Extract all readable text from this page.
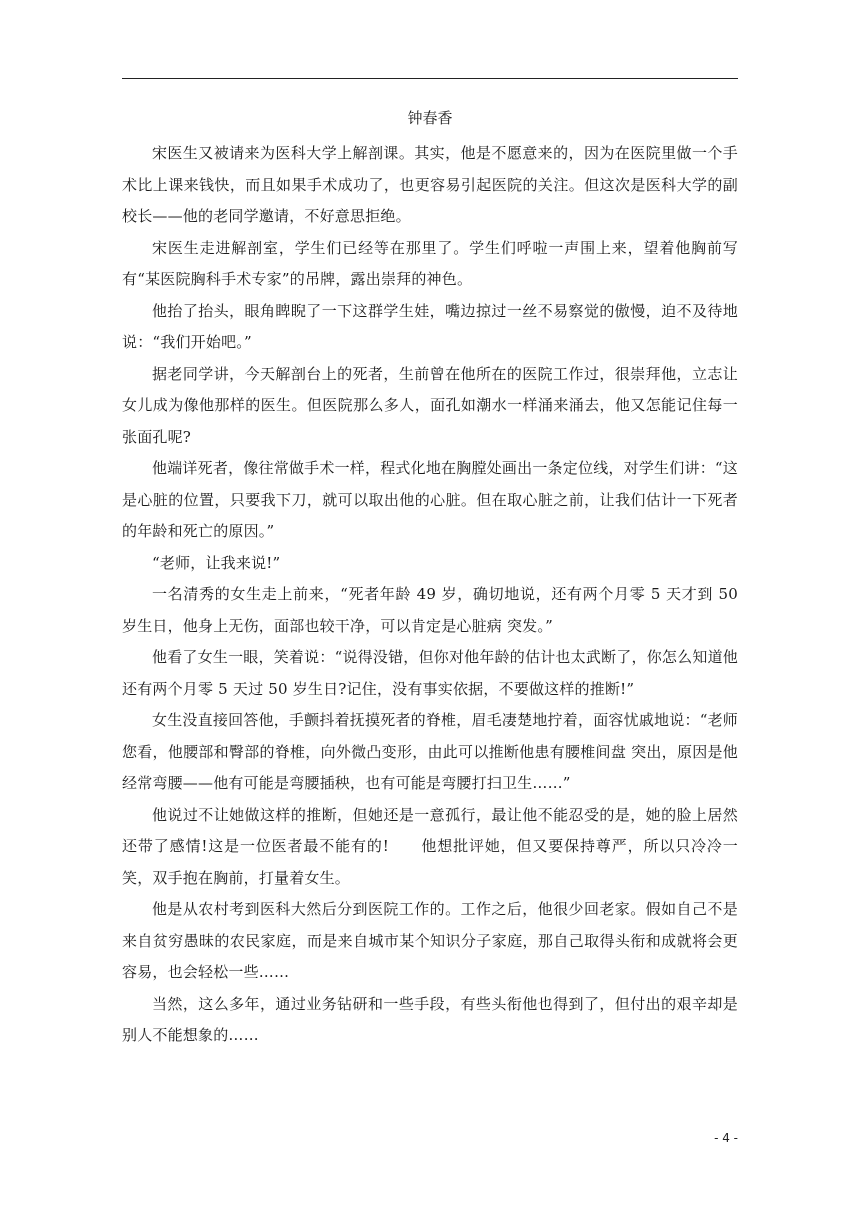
钟春香

宋医生又被请来为医科大学上解剖课。其实，他是不愿意来的，因为在医院里做一个手术比上课来钱快，而且如果手术成功了，也更容易引起医院的关注。但这次是医科大学的副校长——他的老同学邀请，不好意思拒绝。

宋医生走进解剖室，学生们已经等在那里了。学生们呼啦一声围上来，望着他胸前写有“某医院胸科手术专家”的吊牌，露出崇拜的神色。

他抬了抬头，眼角睥睨了一下这群学生娃，嘴边掠过一丝不易察觉的傲慢，迫不及待地说：“我们开始吧。”

据老同学讲，今天解剖台上的死者，生前曾在他所在的医院工作过，很崇拜他，立志让女儿成为像他那样的医生。但医院那么多人，面孔如潮水一样涌来涌去，他又怎能记住每一张面孔呢?

他端详死者，像往常做手术一样，程式化地在胸膛处画出一条定位线，对学生们讲：“这是心脏的位置，只要我下刀，就可以取出他的心脏。但在取心脏之前，让我们估计一下死者的年龄和死亡的原因。”

“老师，让我来说!”

一名清秀的女生走上前来，“死者年龄 49 岁，确切地说，还有两个月零 5 天才到 50 岁生日，他身上无伤，面部也较干净，可以肯定是心脏病 突发。”

他看了女生一眼，笑着说：“说得没错，但你对他年龄的估计也太武断了，你怎么知道他还有两个月零 5 天过 50 岁生日?记住，没有事实依据，不要做这样的推断!”

女生没直接回答他，手颤抖着抚摸死者的脊椎，眉毛凄楚地拧着，面容忧戚地说：“老师您看，他腰部和臀部的脊椎，向外微凸变形，由此可以推断他患有腰椎间盘 突出，原因是他经常弯腰——他有可能是弯腰插秧，也有可能是弯腰打扫卫生……”

他说过不让她做这样的推断，但她还是一意孤行，最让他不能忍受的是，她的脸上居然还带了感情!这是一位医者最不能有的!　　他想批评她，但又要保持尊严，所以只冷冷一笑，双手抱在胸前，打量着女生。

他是从农村考到医科大然后分到医院工作的。工作之后，他很少回老家。假如自己不是来自贫穷愚昧的农民家庭，而是来自城市某个知识分子家庭，那自己取得头衔和成就将会更容易，也会轻松一些……

当然，这么多年，通过业务钻研和一些手段，有些头衔他也得到了，但付出的艰辛却是别人不能想象的……

- 4 -
